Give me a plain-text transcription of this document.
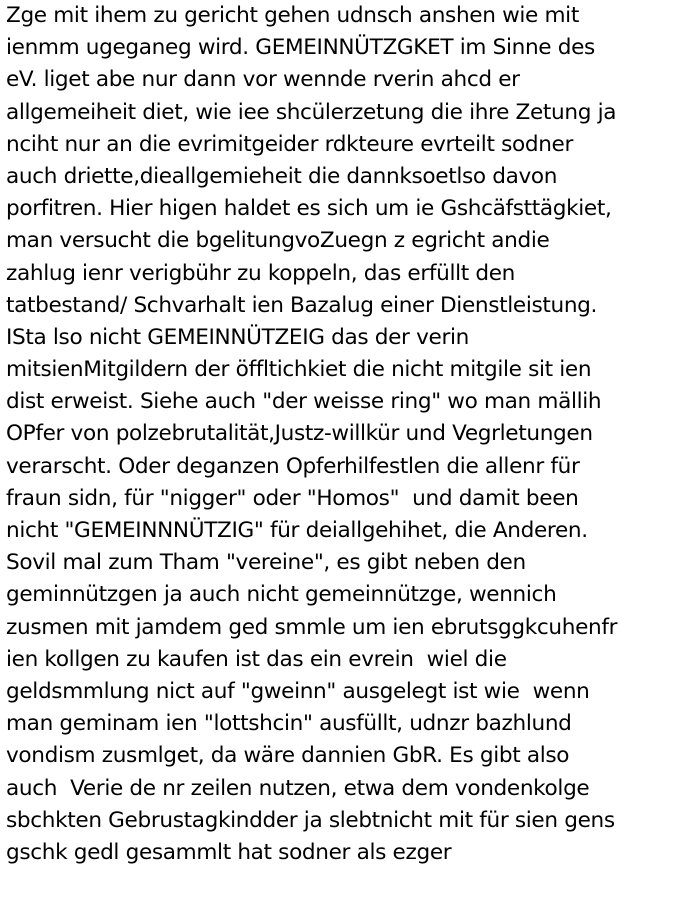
Zge mit ihem zu gericht gehen udnsch anshen wie mit
ienmm ugeganeg wird. GEMEINNÜTZGKET im Sinne des
eV. liget abe nur dann vor wennde rverin ahcd er
allgemeiheit diet, wie iee shcülerzetung die ihre Zetung ja
nciht nur an die evrimitgeider rdkteure evrteilt sodner
auch driette,dieallgemieheit die dannksoetlso davon
porfitren. Hier higen haldet es sich um ie Gshcäfsttägkiet,
man versucht die bgelitungvoZuegn z egricht andie
zahlug ienr verigbühr zu koppeln, das erfüllt den
tatbestand/ Schvarhalt ien Bazalug einer Dienstleistung.
ISta lso nicht GEMEINNÜTZEIG das der verin
mitsienMitgildern der öffltichkiet die nicht mitgile sit ien
dist erweist. Siehe auch "der weisse ring" wo man mällih
OPfer von polzebrutalität,Justz-willkür und Vegrletungen
verarscht. Oder deganzen Opferhilfestlen die allenr für
fraun sidn, für "nigger" oder "Homos"  und damit been
nicht "GEMEINNNÜTZIG" für deiallgehihet, die Anderen.
Sovil mal zum Tham "vereine", es gibt neben den
geminnützgen ja auch nicht gemeinnützge, wennich
zusmen mit jamdem ged smmle um ien ebrutsggkcuhenfr
ien kollgen zu kaufen ist das ein evrein  wiel die
geldsmmlung nict auf "gweinn" ausgelegt ist wie  wenn
man geminam ien "lottshcin" ausfüllt, udnzr bazhlund
vondism zusmlget, da wäre dannien GbR. Es gibt also
auch  Verie de nr zeilen nutzen, etwa dem vondenkolge
sbchkten Gebrustagkindder ja slebtnicht mit für sien gens
gschk gedl gesammlt hat sodner als ezger
